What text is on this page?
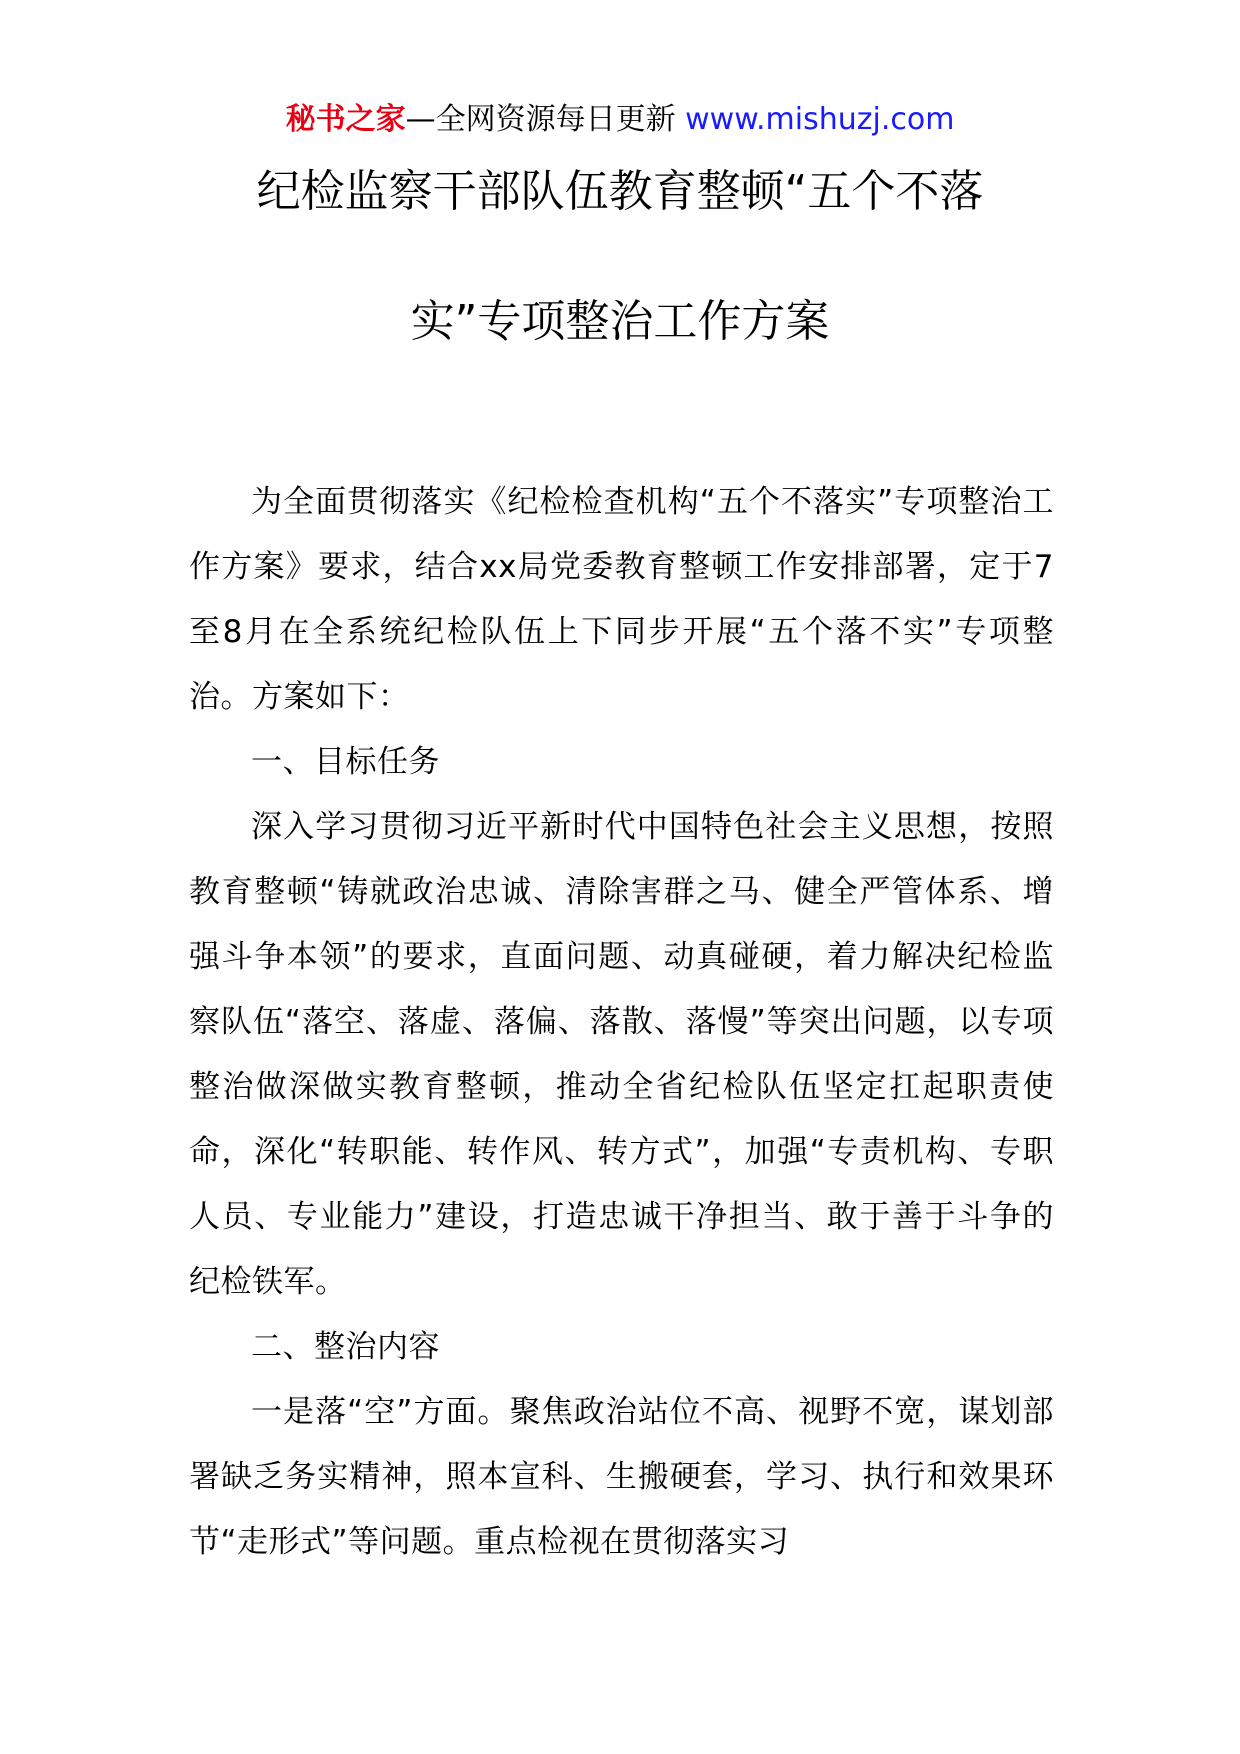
秘书之家—全网资源每日更新 www.mishuzj.com
纪检监察干部队伍教育整顿“五个不落
实”专项整治工作方案

为全面贯彻落实《纪检检查机构“五个不落实”专项整治工作方案》要求，结合xx局党委教育整顿工作安排部署，定于7至8月在全系统纪检队伍上下同步开展“五个落不实”专项整治。方案如下：

一、目标任务

深入学习贯彻习近平新时代中国特色社会主义思想，按照教育整顿“铸就政治忠诚、清除害群之马、健全严管体系、增强斗争本领”的要求，直面问题、动真碰硬，着力解决纪检监察队伍“落空、落虚、落偏、落散、落慢”等突出问题，以专项整治做深做实教育整顿，推动全省纪检队伍坚定扛起职责使命，深化“转职能、转作风、转方式”，加强“专责机构、专职人员、专业能力”建设，打造忠诚干净担当、敢于善于斗争的纪检铁军。

二、整治内容

一是落“空”方面。聚焦政治站位不高、视野不宽，谋划部署缺乏务实精神，照本宣科、生搬硬套，学习、执行和效果环节“走形式”等问题。重点检视在贯彻落实习
